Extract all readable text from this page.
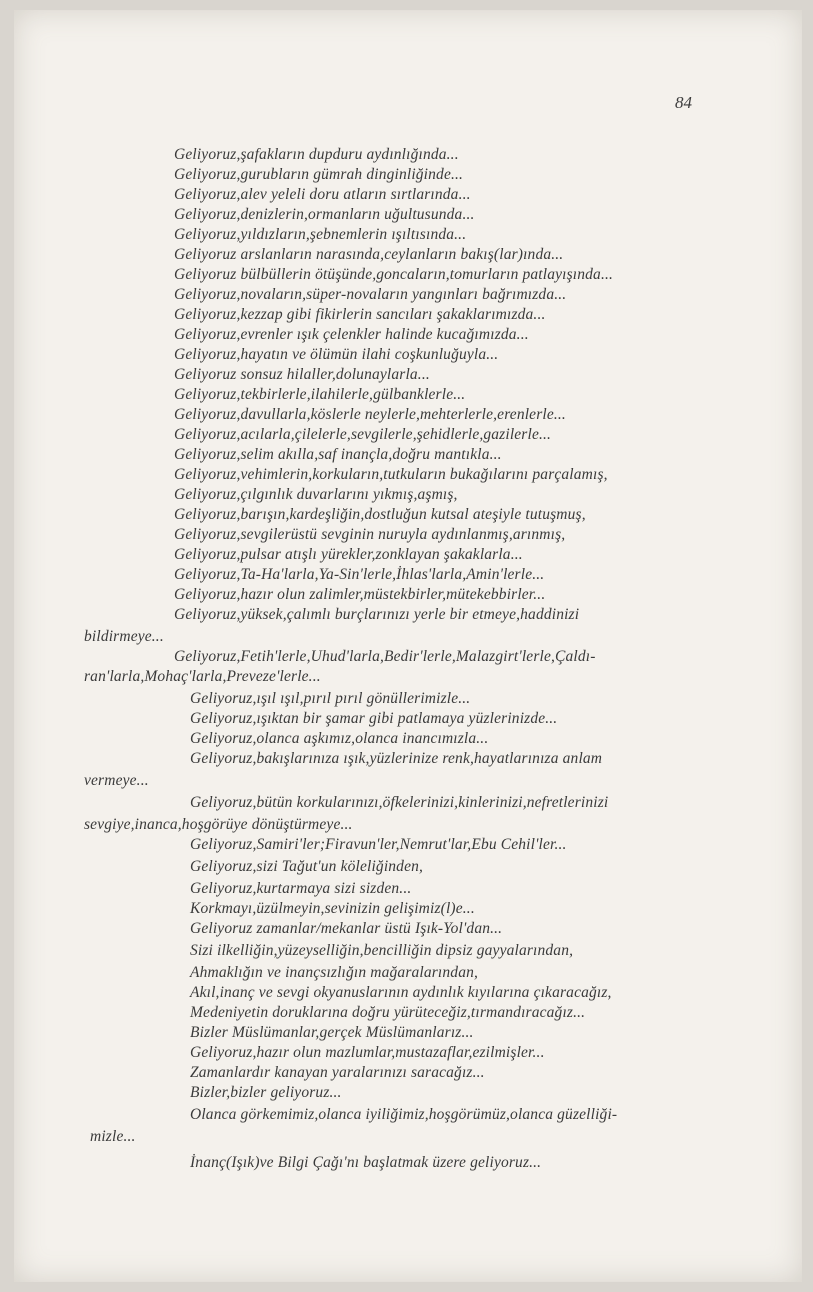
84
Geliyoruz,şafakların dupduru aydınlığında...
Geliyoruz,gurubların gümrah dinginliğinde...
Geliyoruz,alev yeleli doru atların sırtlarında...
Geliyoruz,denizlerin,ormanların uğultusunda...
Geliyoruz,yıldızların,şebnemlerin ışıltısında...
Geliyoruz arslanların narasında,ceylanların bakış(lar)ında...
Geliyoruz bülbüllerin ötüşünde,goncaların,tomurların patlayışında...
Geliyoruz,novaların,süper-novaların yangınları bağrımızda...
Geliyoruz,kezzap gibi fikirlerin sancıları şakaklarımızda...
Geliyoruz,evrenler ışık çelenkler halinde kucağımızda...
Geliyoruz,hayatın ve ölümün ilahi coşkunluğuyla...
Geliyoruz sonsuz hilaller,dolunaylarla...
Geliyoruz,tekbirlerle,ilahilerle,gülbanklerle...
Geliyoruz,davullarla,köslerle neylerle,mehterlerle,erenlerle...
Geliyoruz,acılarla,çilelerle,sevgilerle,şehidlerle,gazilerle...
Geliyoruz,selim akılla,saf inançla,doğru mantıkla...
Geliyoruz,vehimlerin,korkuların,tutkuların bukağılarını parçalamış,
Geliyoruz,çılgınlık duvarlarını yıkmış,aşmış,
Geliyoruz,barışın,kardeşliğin,dostluğun kutsal ateşiyle tutuşmuş,
Geliyoruz,sevgilerüstü sevginin nuruyla aydınlanmış,arınmış,
Geliyoruz,pulsar atışlı yürekler,zonklayan şakaklarla...
Geliyoruz,Ta-Ha'larla,Ya-Sin'lerle,İhlas'larla,Amin'lerle...
Geliyoruz,hazır olun zalimler,müstekbirler,mütekebbirler...
Geliyoruz,yüksek,çalımlı burçlarınızı yerle bir etmeye,haddinizi
bildirmeye...
Geliyoruz,Fetih'lerle,Uhud'larla,Bedir'lerle,Malazgirt'lerle,Çaldı-
ran'larla,Mohaç'larla,Preveze'lerle...
Geliyoruz,ışıl ışıl,pırıl pırıl gönüllerimizle...
Geliyoruz,ışıktan bir şamar gibi patlamaya yüzlerinizde...
Geliyoruz,olanca aşkımız,olanca inancımızla...
Geliyoruz,bakışlarınıza ışık,yüzlerinize renk,hayatlarınıza anlam
vermeye...
Geliyoruz,bütün korkularınızı,öfkelerinizi,kinlerinizi,nefretlerinizi
sevgiye,inanca,hoşgörüye dönüştürmeye...
Geliyoruz,Samiri'ler;Firavun'ler,Nemrut'lar,Ebu Cehil'ler...
Geliyoruz,sizi Tağut'un köleliğinden,
Geliyoruz,kurtarmaya sizi sizden...
Korkmayı,üzülmeyin,sevinizin gelişimiz(l)e...
Geliyoruz zamanlar/mekanlar üstü Işık-Yol'dan...
Sizi ilkelliğin,yüzeyselliğin,bencilliğin dipsiz gayyalarından,
Ahmaklığın ve inançsızlığın mağaralarından,
Akıl,inanç ve sevgi okyanuslarının aydınlık kıyılarına çıkaracağız,
Medeniyetin doruklarına doğru yürüteceğiz,tırmandıracağız...
Bizler Müslümanlar,gerçek Müslümanlarız...
Geliyoruz,hazır olun mazlumlar,mustazaflar,ezilmişler...
Zamanlardır kanayan yaralarınızı saracağız...
Bizler,bizler geliyoruz...
Olanca görkemimiz,olanca iyiliğimiz,hoşgörümüz,olanca güzelliği-
mizle...
İnanç(Işık)ve Bilgi Çağı'nı başlatmak üzere geliyoruz...
